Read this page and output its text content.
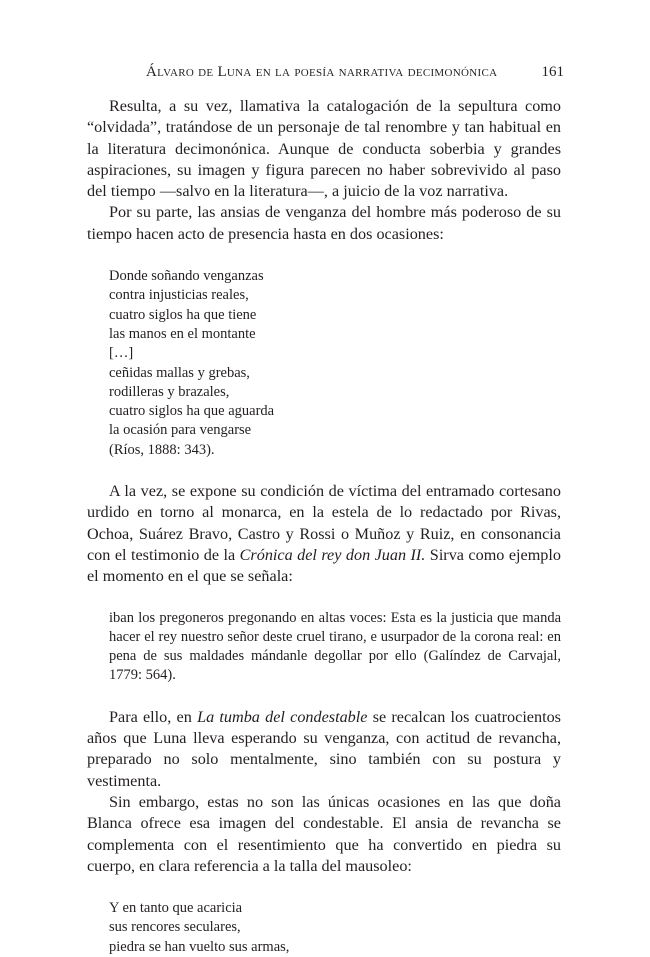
Álvaro de Luna en la poesía narrativa decimonónica	161

Resulta, a su vez, llamativa la catalogación de la sepultura como “olvidada”, tratándose de un personaje de tal renombre y tan habitual en la literatura decimonónica. Aunque de conducta soberbia y grandes aspiraciones, su imagen y figura parecen no haber sobrevivido al paso del tiempo —salvo en la literatura—, a juicio de la voz narrativa.

Por su parte, las ansias de venganza del hombre más poderoso de su tiempo hacen acto de presencia hasta en dos ocasiones:

Donde soñando venganzas
contra injusticias reales,
cuatro siglos ha que tiene
las manos en el montante
[…]
ceñidas mallas y grebas,
rodilleras y brazales,
cuatro siglos ha que aguarda
la ocasión para vengarse
(Ríos, 1888: 343).

A la vez, se expone su condición de víctima del entramado cortesano urdido en torno al monarca, en la estela de lo redactado por Rivas, Ochoa, Suárez Bravo, Castro y Rossi o Muñoz y Ruiz, en consonancia con el testimonio de la Crónica del rey don Juan II. Sirva como ejemplo el momento en el que se señala:

iban los pregoneros pregonando en altas voces: Esta es la justicia que manda hacer el rey nuestro señor deste cruel tirano, e usurpador de la corona real: en pena de sus maldades mándanle degollar por ello (Galíndez de Carvajal, 1779: 564).

Para ello, en La tumba del condestable se recalcan los cuatrocientos años que Luna lleva esperando su venganza, con actitud de revancha, preparado no solo mentalmente, sino también con su postura y vestimenta.

Sin embargo, estas no son las únicas ocasiones en las que doña Blanca ofrece esa imagen del condestable. El ansia de revancha se complementa con el resentimiento que ha convertido en piedra su cuerpo, en clara referencia a la talla del mausoleo:

Y en tanto que acaricia
sus rencores seculares,
piedra se han vuelto sus armas,
